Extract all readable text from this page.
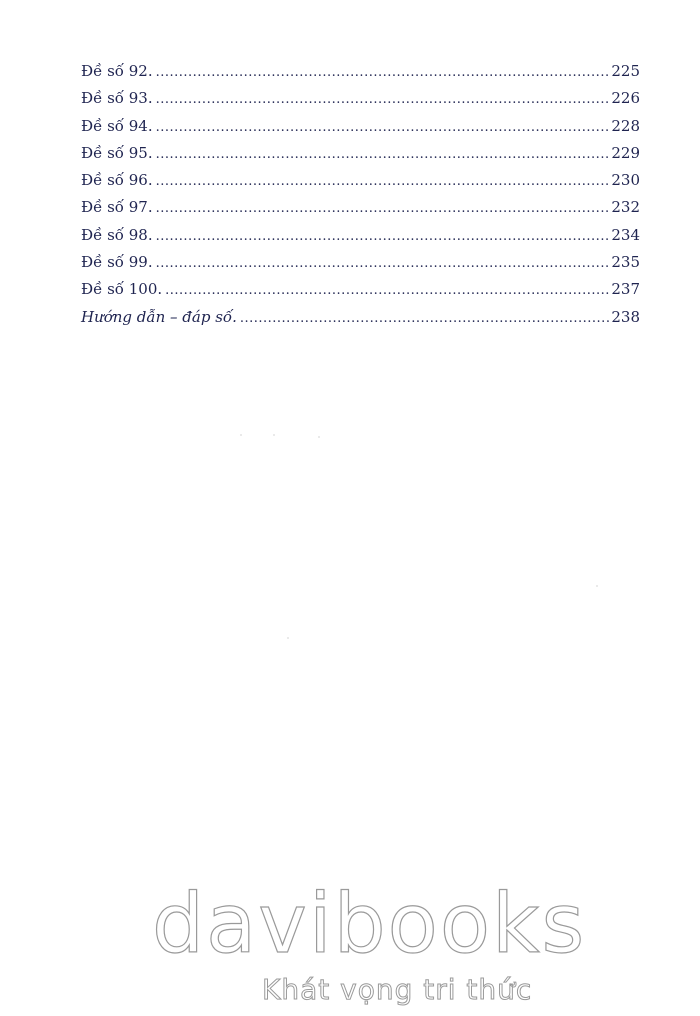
Đề số 92. .....	225
Đề số 93. .....	226
Đề số 94. .....	228
Đề số 95. .....	229
Đề số 96. .....	230
Đề số 97. .....	232
Đề số 98. .....	234
Đề số 99. .....	235
Đề số 100. .....	237
Hướng dẫn – đáp số. .....	238
davibooks
Khát vọng tri thức
